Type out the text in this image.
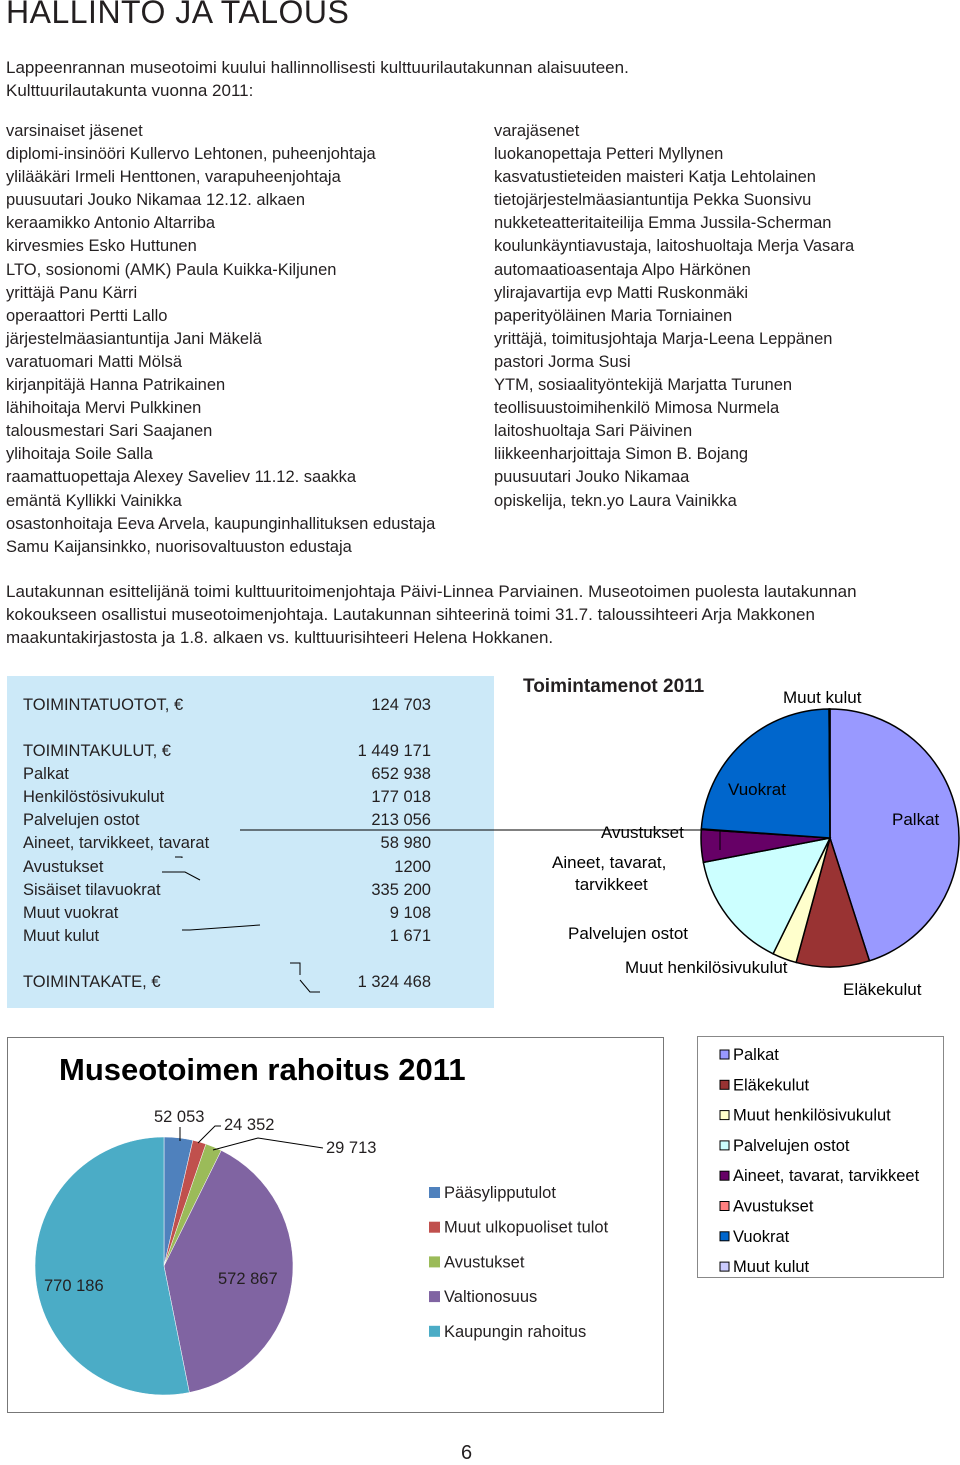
HALLINTO JA TALOUS
Lappeenrannan museotoimi kuului hallinnollisesti kulttuurilautakunnan alaisuuteen.
Kulttuurilautakunta vuonna 2011:
varsinaiset jäsenet
diplomi-insinööri Kullervo Lehtonen, puheenjohtaja
ylilääkäri Irmeli Henttonen, varapuheenjohtaja
puusuutari Jouko Nikamaa 12.12. alkaen
keraamikko Antonio Altarriba
kirvesmies Esko Huttunen
LTO, sosionomi (AMK) Paula Kuikka-Kiljunen
yrittäjä Panu Kärri
operaattori Pertti Lallo
järjestelmäasiantuntija Jani Mäkelä
varatuomari Matti Mölsä
kirjanpitäjä Hanna Patrikainen
lähihoitaja Mervi Pulkkinen
talousmestari Sari Saajanen
ylihoitaja Soile Salla
raamattuopettaja Alexey Saveliev 11.12. saakka
emäntä Kyllikki Vainikka
osastonhoitaja Eeva Arvela, kaupunginhallituksen edustaja
Samu Kaijansinkko, nuorisovaltuuston edustaja
varajäsenet
luokanopettaja Petteri Myllynen
kasvatustieteiden maisteri Katja Lehtolainen
tietojärjestelmäasiantuntija Pekka Suonsivu
nukketeatteritaiteilija Emma Jussila-Scherman
koulunkäyntiavustaja, laitoshuoltaja Merja Vasara
automaatioasentaja Alpo Härkönen
ylirajavartija evp Matti Ruskonmäki
paperityöläinen Maria Torniainen
yrittäjä, toimitusjohtaja Marja-Leena Leppänen
pastori Jorma Susi
YTM, sosiaalityöntekijä Marjatta Turunen
teollisuustoimihenkilö Mimosa Nurmela
laitoshuoltaja Sari Päivinen
liikkeenharjoittaja Simon B. Bojang
puusuutari Jouko Nikamaa
opiskelija, tekn.yo Laura Vainikka
Lautakunnan esittelijänä toimi kulttuuritoimenjohtaja Päivi-Linnea Parviainen. Museotoimen puolesta lautakunnan
kokoukseen osallistui museotoimenjohtaja. Lautakunnan sihteerinä toimi 31.7. taloussihteeri Arja Makkonen
maakuntakirjastosta ja 1.8. alkaen vs. kulttuurisihteeri Helena Hokkanen.
TOIMINTATUOTOT, €	124 703
TOIMINTAKULUT, €	1 449 171
Palkat	652 938
Henkilöstösivukulut	177 018
Palvelujen ostot	213 056
Aineet, tarvikkeet, tavarat	58 980
Avustukset	1200
Sisäiset tilavuokrat	335 200
Muut vuokrat	9 108
Muut kulut	1 671
TOIMINTAKATE, €	1 324 468
Toimintamenot 2011
Muut kulut
Vuokrat
Palkat
Avustukset
Aineet, tavarat,
tarvikkeet
Palvelujen ostot
Muut henkilösivukulut
Eläkekulut
Museotoimen rahoitus 2011
52 053 24 352
29 713
572 867
770 186
Pääsylipputulot
Muut ulkopuoliset tulot
Avustukset
Valtionosuus
Kaupungin rahoitus
Palkat
Eläkekulut
Muut henkilösivukulut
Palvelujen ostot
Aineet, tavarat, tarvikkeet
Avustukset
Vuokrat
Muut kulut
6
